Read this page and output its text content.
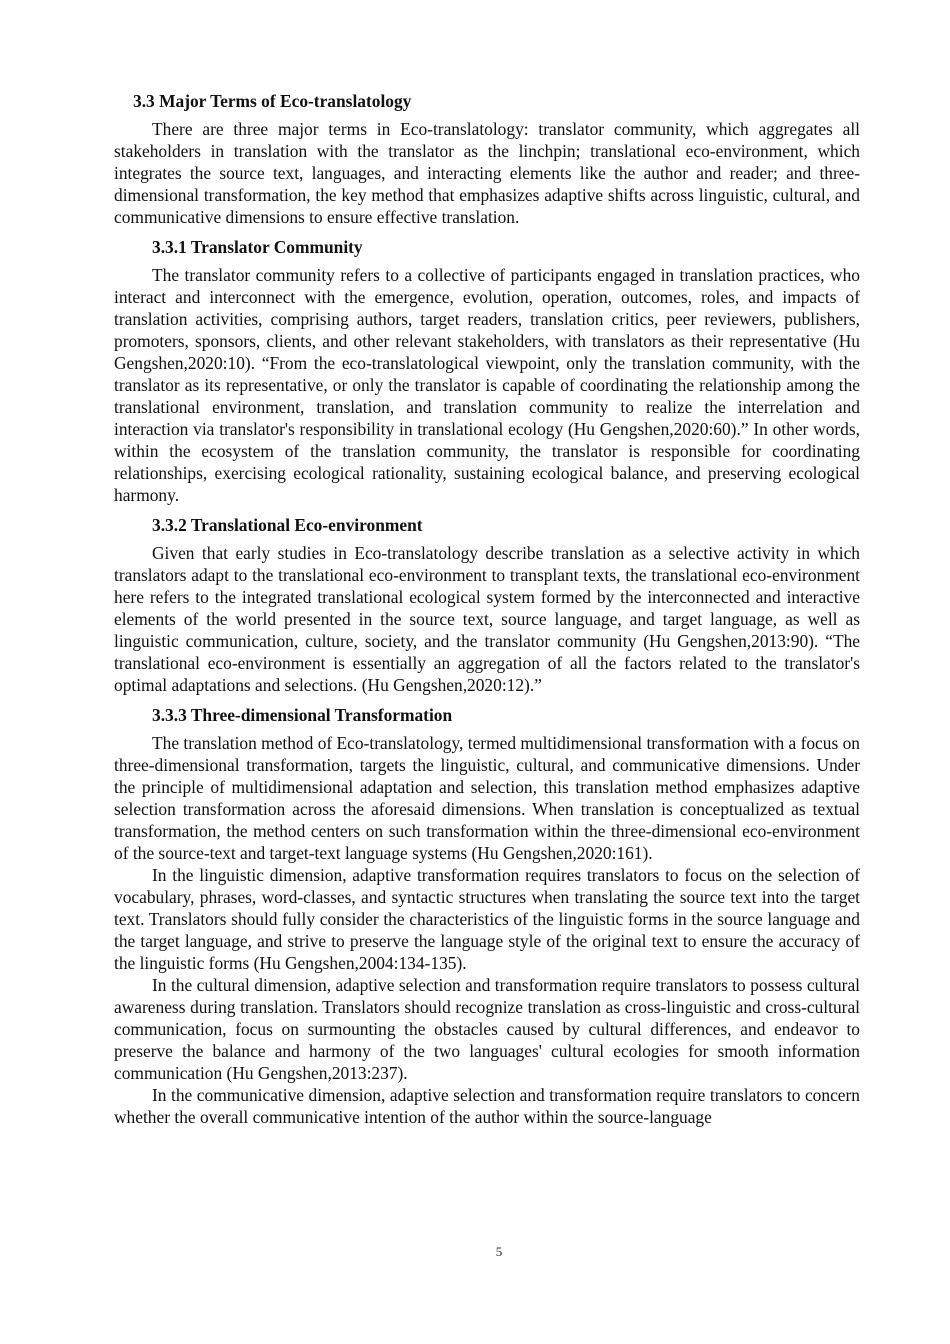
3.3 Major Terms of Eco-translatology

There are three major terms in Eco-translatology: translator community, which aggregates all stakeholders in translation with the translator as the linchpin; translational eco-environment, which integrates the source text, languages, and interacting elements like the author and reader; and three-dimensional transformation, the key method that emphasizes adaptive shifts across linguistic, cultural, and communicative dimensions to ensure effective translation.

3.3.1 Translator Community

The translator community refers to a collective of participants engaged in translation practices, who interact and interconnect with the emergence, evolution, operation, outcomes, roles, and impacts of translation activities, comprising authors, target readers, translation critics, peer reviewers, publishers, promoters, sponsors, clients, and other relevant stakeholders, with translators as their representative (Hu Gengshen,2020:10). “From the eco-translatological viewpoint, only the translation community, with the translator as its representative, or only the translator is capable of coordinating the relationship among the translational environment, translation, and translation community to realize the interrelation and interaction via translator's responsibility in translational ecology (Hu Gengshen,2020:60).” In other words, within the ecosystem of the translation community, the translator is responsible for coordinating relationships, exercising ecological rationality, sustaining ecological balance, and preserving ecological harmony.

3.3.2 Translational Eco-environment

Given that early studies in Eco-translatology describe translation as a selective activity in which translators adapt to the translational eco-environment to transplant texts, the translational eco-environment here refers to the integrated translational ecological system formed by the interconnected and interactive elements of the world presented in the source text, source language, and target language, as well as linguistic communication, culture, society, and the translator community (Hu Gengshen,2013:90). “The translational eco-environment is essentially an aggregation of all the factors related to the translator's optimal adaptations and selections. (Hu Gengshen,2020:12).”

3.3.3 Three-dimensional Transformation

The translation method of Eco-translatology, termed multidimensional transformation with a focus on three-dimensional transformation, targets the linguistic, cultural, and communicative dimensions. Under the principle of multidimensional adaptation and selection, this translation method emphasizes adaptive selection transformation across the aforesaid dimensions. When translation is conceptualized as textual transformation, the method centers on such transformation within the three-dimensional eco-environment of the source-text and target-text language systems (Hu Gengshen,2020:161).

In the linguistic dimension, adaptive transformation requires translators to focus on the selection of vocabulary, phrases, word-classes, and syntactic structures when translating the source text into the target text. Translators should fully consider the characteristics of the linguistic forms in the source language and the target language, and strive to preserve the language style of the original text to ensure the accuracy of the linguistic forms (Hu Gengshen,2004:134-135).

In the cultural dimension, adaptive selection and transformation require translators to possess cultural awareness during translation. Translators should recognize translation as cross-linguistic and cross-cultural communication, focus on surmounting the obstacles caused by cultural differences, and endeavor to preserve the balance and harmony of the two languages' cultural ecologies for smooth information communication (Hu Gengshen,2013:237).

In the communicative dimension, adaptive selection and transformation require translators to concern whether the overall communicative intention of the author within the source-language

5
